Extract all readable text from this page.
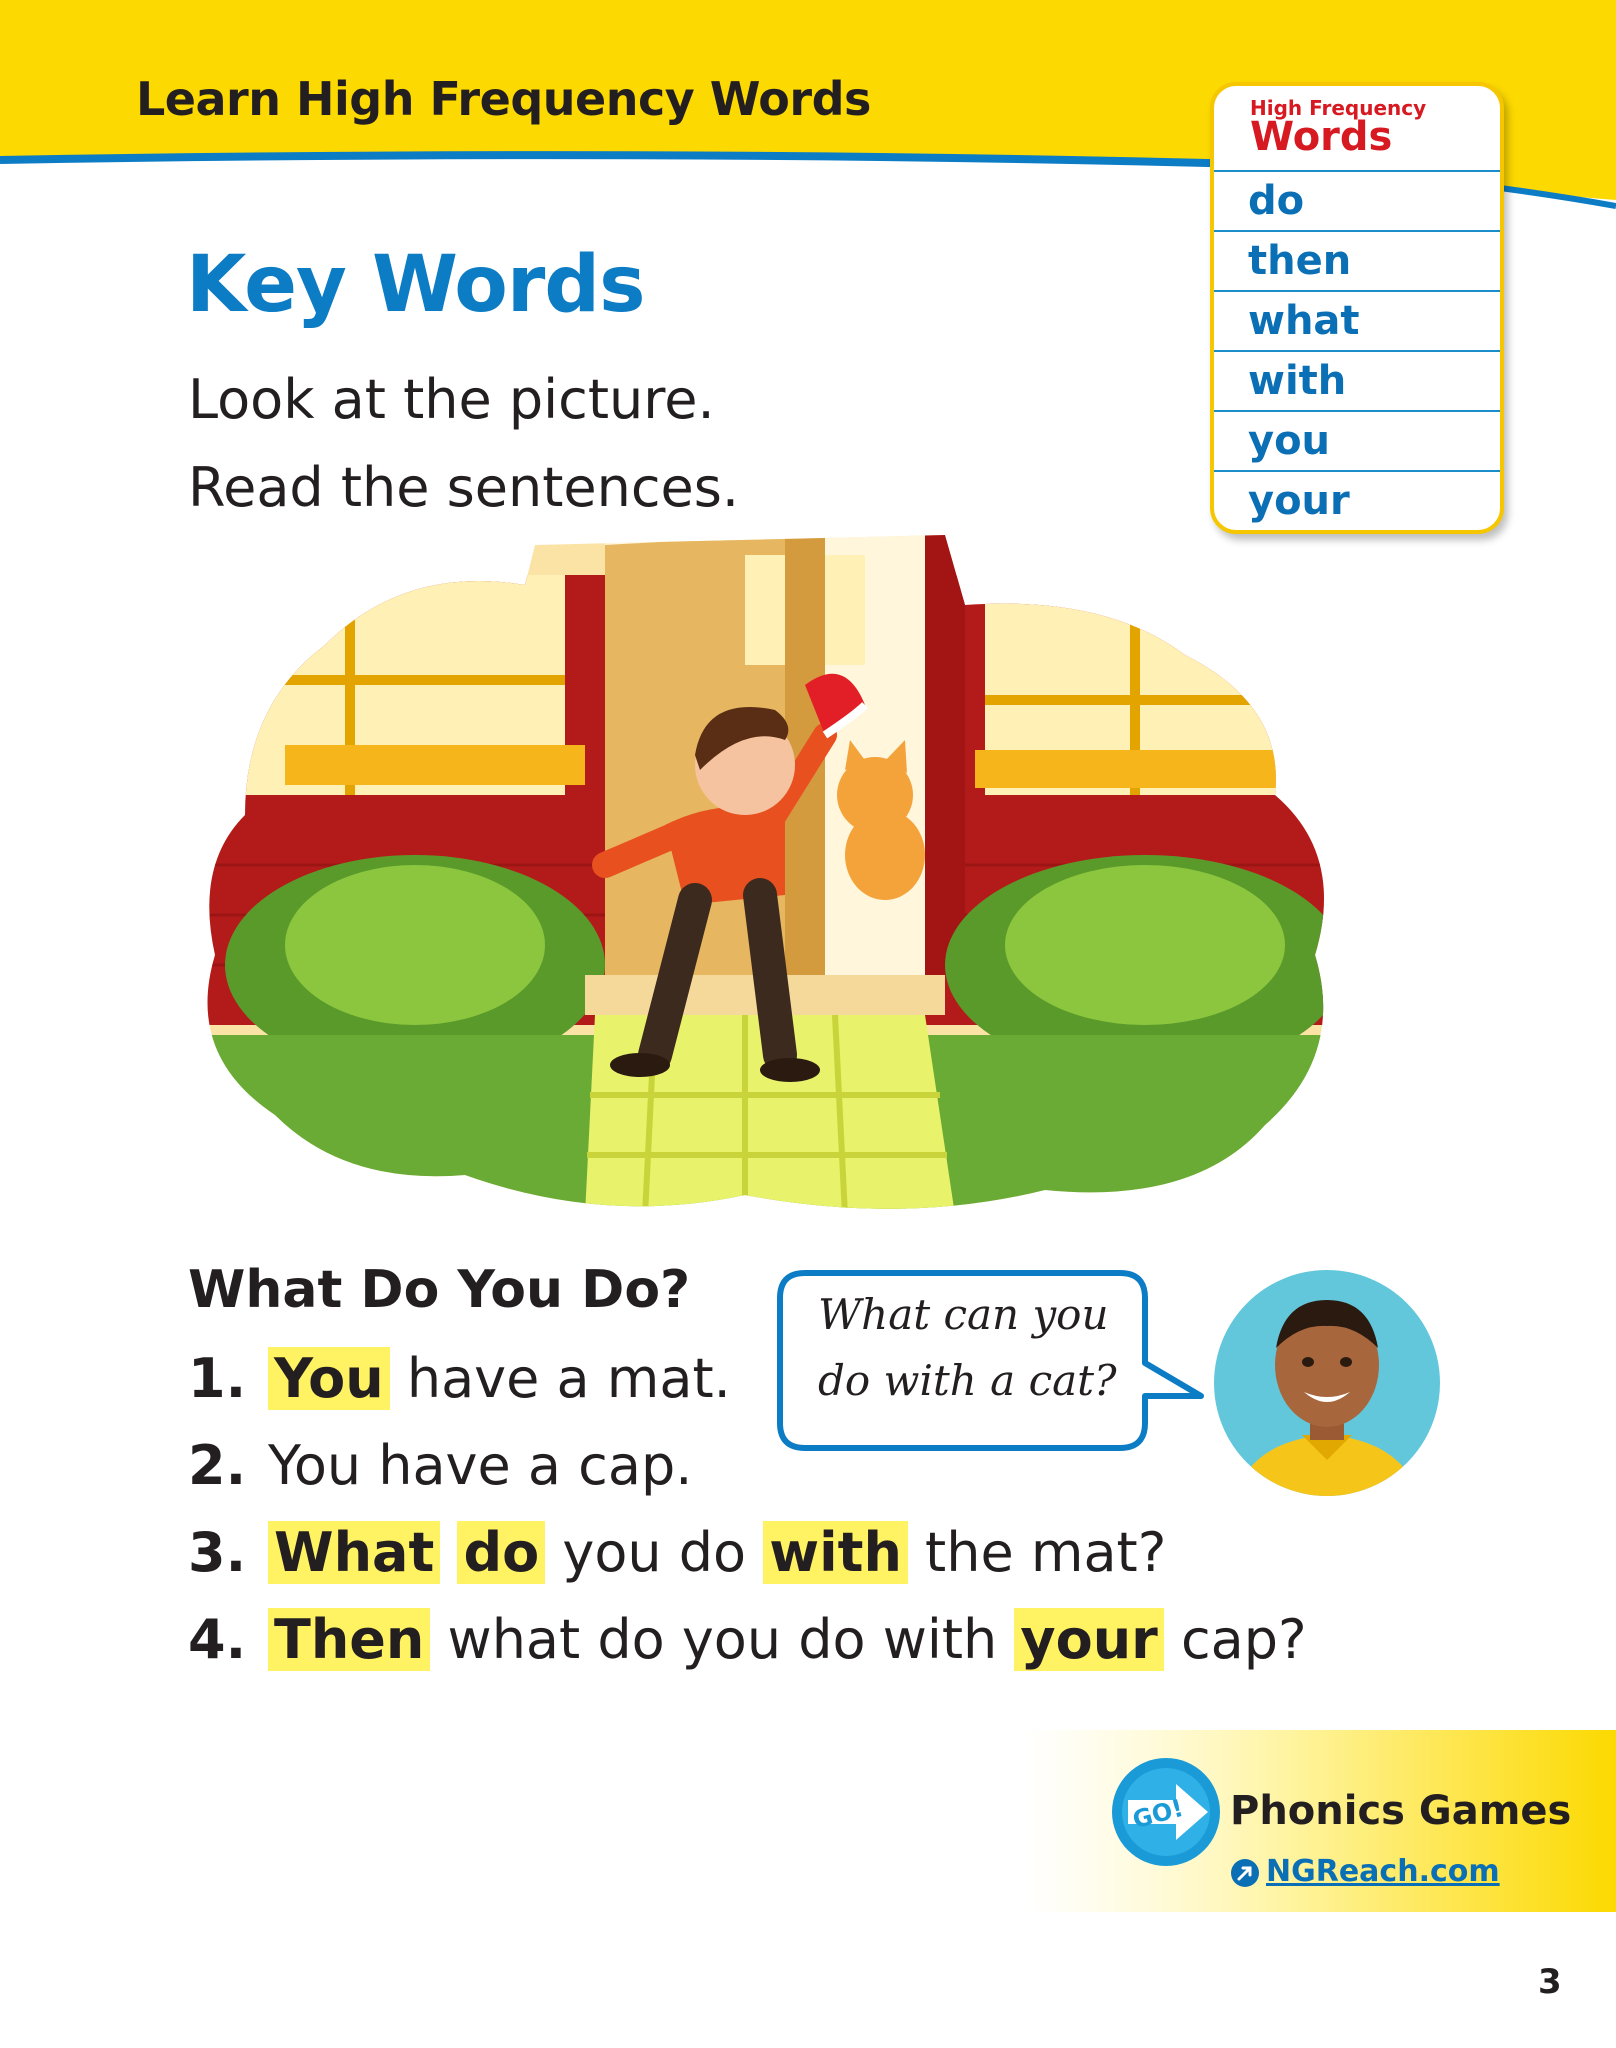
Learn High Frequency Words	High Frequency
Words
do
then
what
with
you
your
Key Words
Look at the picture.
Read the sentences.
What Do You Do?
1. You have a mat.
2. You have a cap.
3. What do you do with the mat?
4. Then what do you do with your cap?
What can you
do with a cat?
GO! Phonics Games
NGReach.com
3
